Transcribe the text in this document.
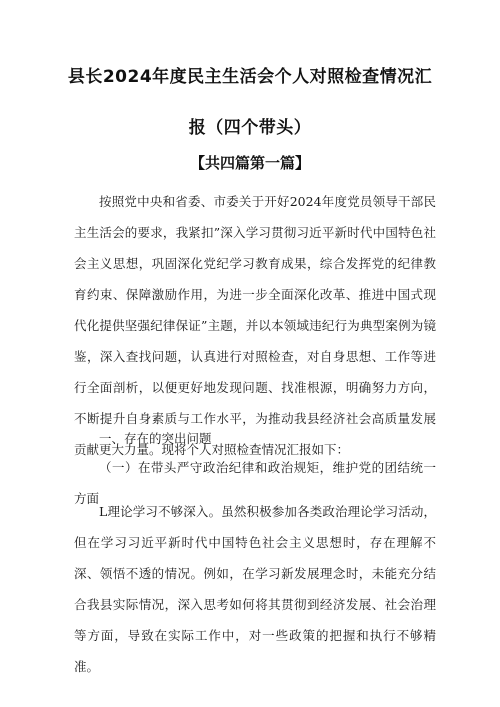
县长2024年度民主生活会个人对照检查情况汇
报（四个带头）
【共四篇第一篇】

按照党中央和省委、市委关于开好2024年度党员领导干部民主生活会的要求，我紧扣”深入学习贯彻习近平新时代中国特色社会主义思想，巩固深化党纪学习教育成果，综合发挥党的纪律教育约束、保障激励作用，为进一步全面深化改革、推进中国式现代化提供坚强纪律保证”主题，并以本领域违纪行为典型案例为镜鉴，深入查找问题，认真进行对照检查，对自身思想、工作等进行全面剖析，以便更好地发现问题、找准根源，明确努力方向，不断提升自身素质与工作水平，为推动我县经济社会高质量发展贡献更大力量。现将个人对照检查情况汇报如下：

一、存在的突出问题

（一）在带头严守政治纪律和政治规矩，维护党的团结统一方面

L理论学习不够深入。虽然积极参加各类政治理论学习活动，但在学习习近平新时代中国特色社会主义思想时，存在理解不深、领悟不透的情况。例如，在学习新发展理念时，未能充分结合我县实际情况，深入思考如何将其贯彻到经济发展、社会治理等方面，导致在实际工作中，对一些政策的把握和执行不够精准。
